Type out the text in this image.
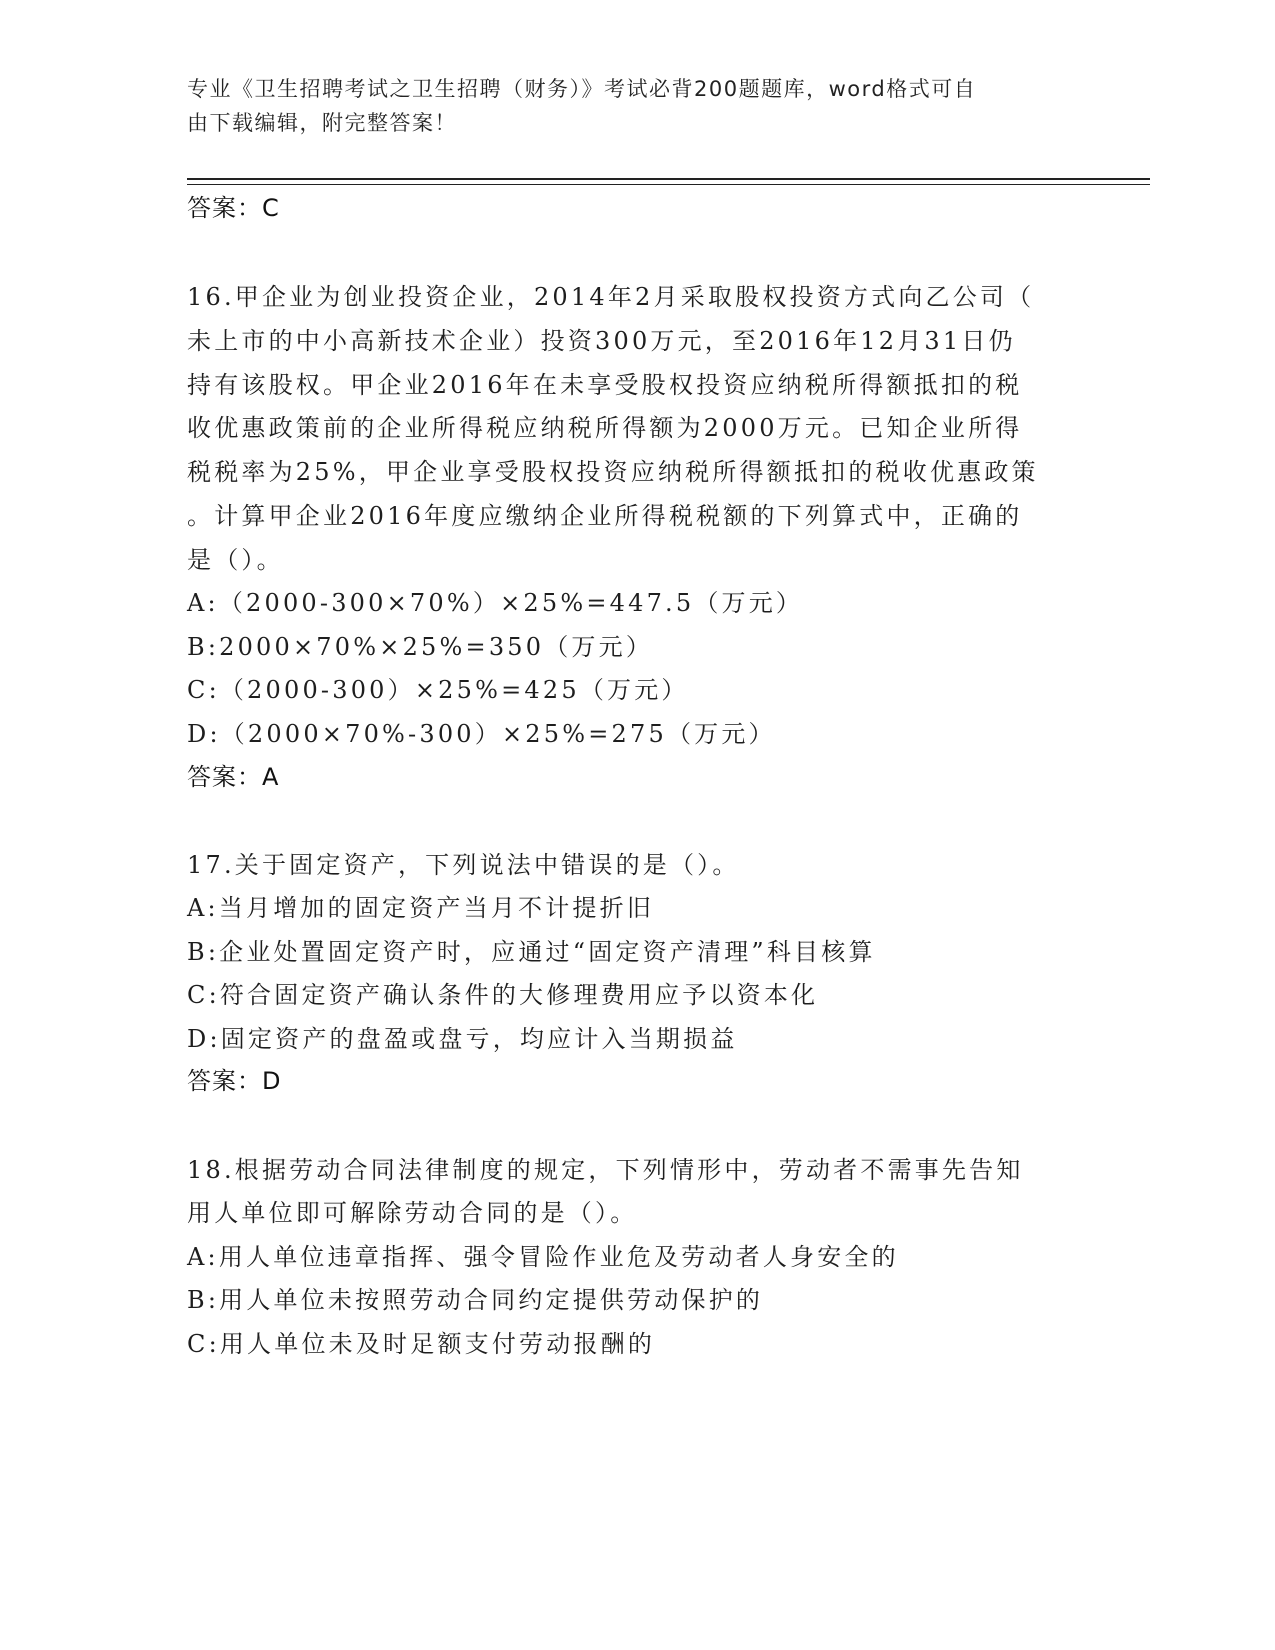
专业《卫生招聘考试之卫生招聘（财务）》考试必背200题题库，word格式可自
由下载编辑，附完整答案！
答案：C
16.甲企业为创业投资企业，2014年2月采取股权投资方式向乙公司（
未上市的中小高新技术企业）投资300万元，至2016年12月31日仍
持有该股权。甲企业2016年在未享受股权投资应纳税所得额抵扣的税
收优惠政策前的企业所得税应纳税所得额为2000万元。已知企业所得
税税率为25%，甲企业享受股权投资应纳税所得额抵扣的税收优惠政策
。计算甲企业2016年度应缴纳企业所得税税额的下列算式中，正确的
是（）。
A:（2000-300×70%）×25%=447.5（万元）
B:2000×70%×25%=350（万元）
C:（2000-300）×25%=425（万元）
D:（2000×70%-300）×25%=275（万元）
答案：A
17.关于固定资产，下列说法中错误的是（）。
A:当月增加的固定资产当月不计提折旧
B:企业处置固定资产时，应通过“固定资产清理”科目核算
C:符合固定资产确认条件的大修理费用应予以资本化
D:固定资产的盘盈或盘亏，均应计入当期损益
答案：D
18.根据劳动合同法律制度的规定，下列情形中，劳动者不需事先告知
用人单位即可解除劳动合同的是（）。
A:用人单位违章指挥、强令冒险作业危及劳动者人身安全的
B:用人单位未按照劳动合同约定提供劳动保护的
C:用人单位未及时足额支付劳动报酬的
